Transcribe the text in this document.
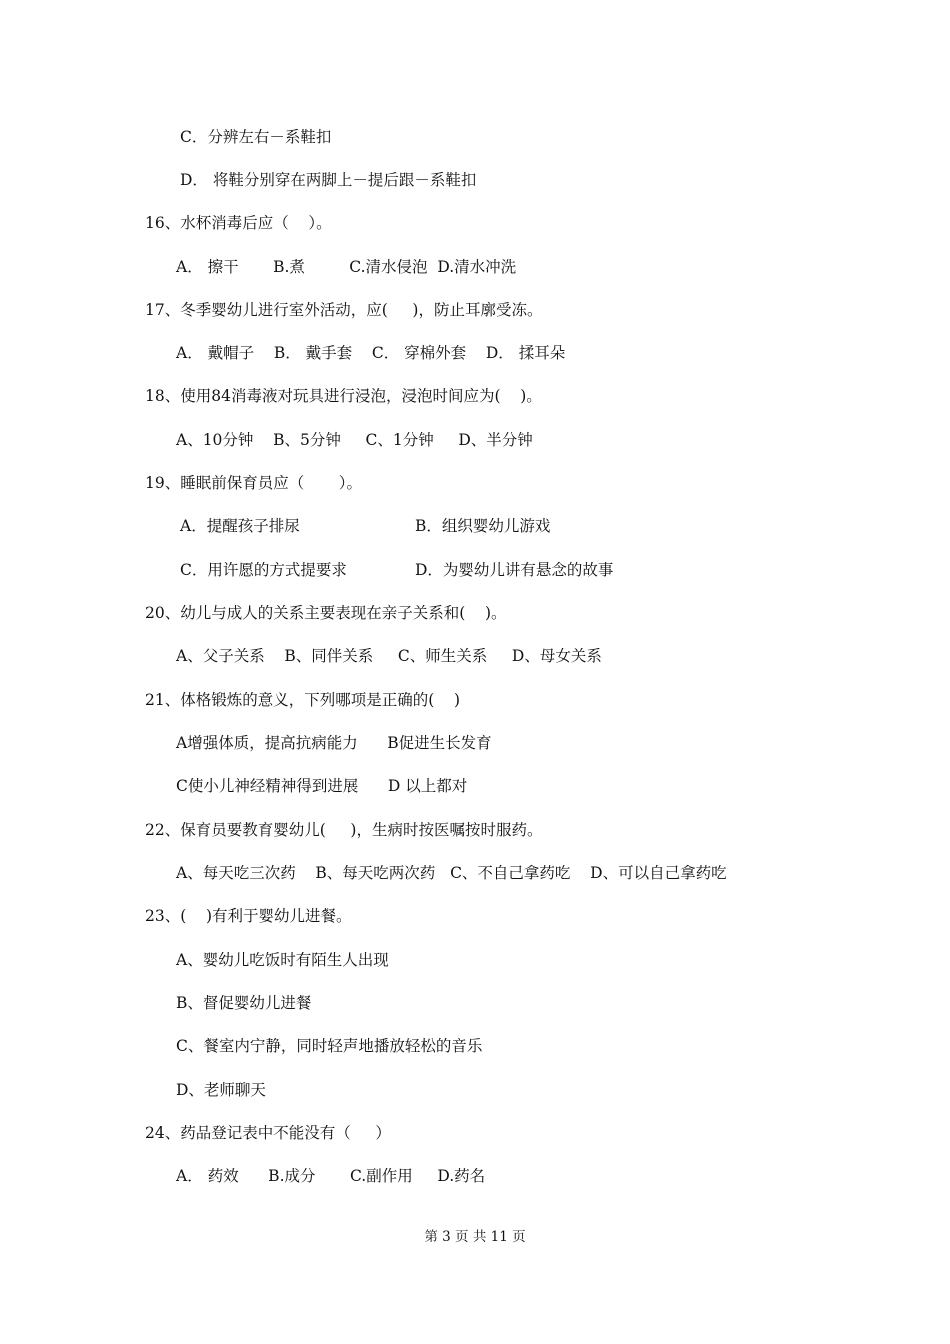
C．分辨左右－系鞋扣
D． 将鞋分别穿在两脚上－提后跟－系鞋扣
16、水杯消毒后应（    ）。
A． 擦干       B.煮         C.清水侵泡  D.清水冲洗
17、冬季婴幼儿进行室外活动，应(     )，防止耳廓受冻。
A． 戴帽子    B． 戴手套    C． 穿棉外套    D． 揉耳朵
18、使用84消毒液对玩具进行浸泡，浸泡时间应为(    )。
A、10分钟    B、5分钟     C、1分钟     D、半分钟
19、睡眠前保育员应（       ）。
A．提醒孩子排尿	B．组织婴幼儿游戏
C．用许愿的方式提要求	D．为婴幼儿讲有悬念的故事
20、幼儿与成人的关系主要表现在亲子关系和(    )。
A、父子关系    B、同伴关系     C、师生关系     D、母女关系
21、体格锻炼的意义，下列哪项是正确的(    )
A增强体质，提高抗病能力      B促进生长发育
C使小儿神经精神得到进展      D 以上都对
22、保育员要教育婴幼儿(     )，生病时按医嘱按时服药。
A、每天吃三次药    B、每天吃两次药   C、不自己拿药吃    D、可以自己拿药吃
23、(    )有利于婴幼儿进餐。
A、婴幼儿吃饭时有陌生人出现
B、督促婴幼儿进餐
C、餐室内宁静，同时轻声地播放轻松的音乐
D、老师聊天
24、药品登记表中不能没有（     ）
A． 药效      B.成分       C.副作用     D.药名
第 3 页 共 11 页
